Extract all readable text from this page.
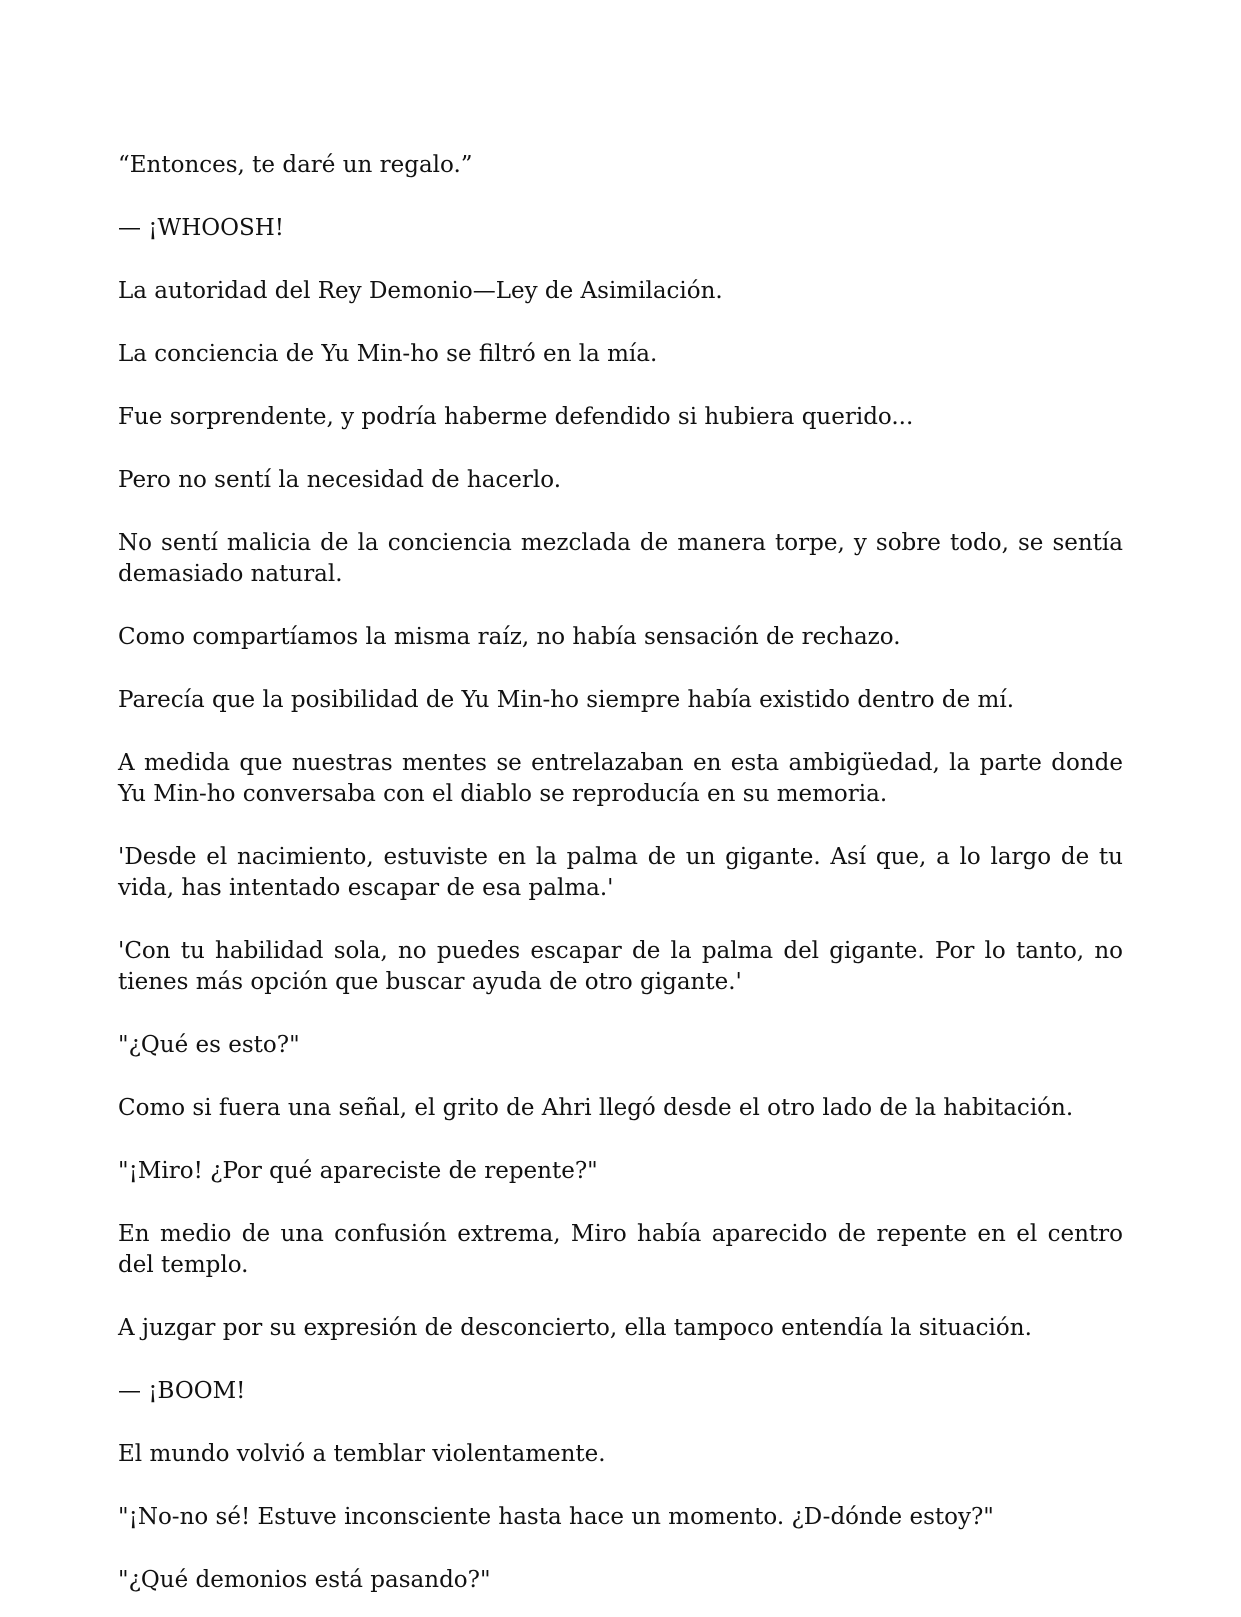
“Entonces, te daré un regalo.”

— ¡WHOOSH!

La autoridad del Rey Demonio—Ley de Asimilación.

La conciencia de Yu Min-ho se filtró en la mía.

Fue sorprendente, y podría haberme defendido si hubiera querido...

Pero no sentí la necesidad de hacerlo.

No sentí malicia de la conciencia mezclada de manera torpe, y sobre todo, se sentía demasiado natural.

Como compartíamos la misma raíz, no había sensación de rechazo.

Parecía que la posibilidad de Yu Min-ho siempre había existido dentro de mí.

A medida que nuestras mentes se entrelazaban en esta ambigüedad, la parte donde Yu Min-ho conversaba con el diablo se reproducía en su memoria.

'Desde el nacimiento, estuviste en la palma de un gigante. Así que, a lo largo de tu vida, has intentado escapar de esa palma.'

'Con tu habilidad sola, no puedes escapar de la palma del gigante. Por lo tanto, no tienes más opción que buscar ayuda de otro gigante.'

"¿Qué es esto?"

Como si fuera una señal, el grito de Ahri llegó desde el otro lado de la habitación.

"¡Miro! ¿Por qué apareciste de repente?"

En medio de una confusión extrema, Miro había aparecido de repente en el centro del templo.

A juzgar por su expresión de desconcierto, ella tampoco entendía la situación.

— ¡BOOM!

El mundo volvió a temblar violentamente.

"¡No-no sé! Estuve inconsciente hasta hace un momento. ¿D-dónde estoy?"

"¿Qué demonios está pasando?"
